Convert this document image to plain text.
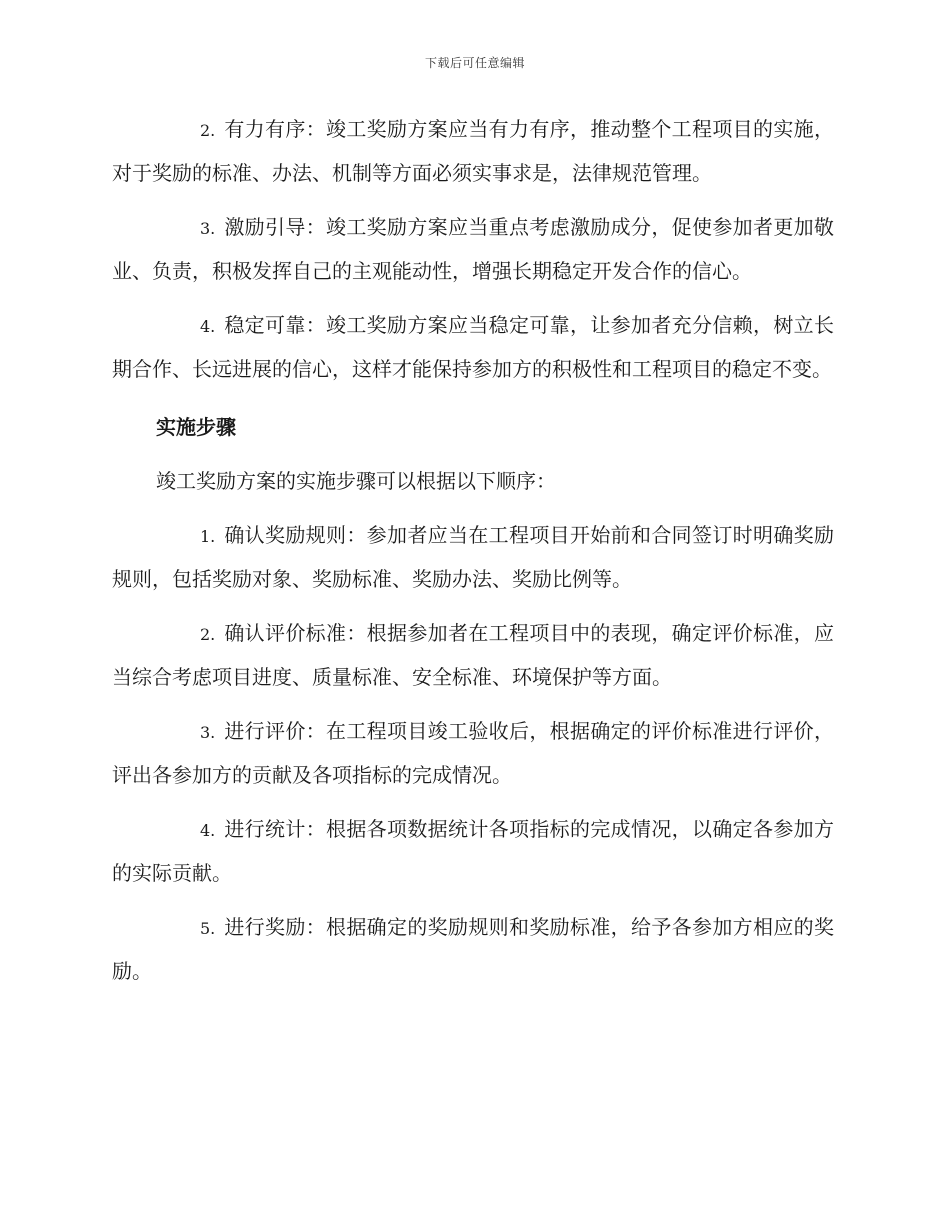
下载后可任意编辑

2. 有力有序：竣工奖励方案应当有力有序，推动整个工程项目的实施，对于奖励的标准、办法、机制等方面必须实事求是，法律规范管理。

3. 激励引导：竣工奖励方案应当重点考虑激励成分，促使参加者更加敬业、负责，积极发挥自己的主观能动性，增强长期稳定开发合作的信心。

4. 稳定可靠：竣工奖励方案应当稳定可靠，让参加者充分信赖，树立长期合作、长远进展的信心，这样才能保持参加方的积极性和工程项目的稳定不变。

实施步骤

竣工奖励方案的实施步骤可以根据以下顺序：

1. 确认奖励规则：参加者应当在工程项目开始前和合同签订时明确奖励规则，包括奖励对象、奖励标准、奖励办法、奖励比例等。

2. 确认评价标准：根据参加者在工程项目中的表现，确定评价标准，应当综合考虑项目进度、质量标准、安全标准、环境保护等方面。

3. 进行评价：在工程项目竣工验收后，根据确定的评价标准进行评价，评出各参加方的贡献及各项指标的完成情况。

4. 进行统计：根据各项数据统计各项指标的完成情况，以确定各参加方的实际贡献。

5. 进行奖励：根据确定的奖励规则和奖励标准，给予各参加方相应的奖励。
